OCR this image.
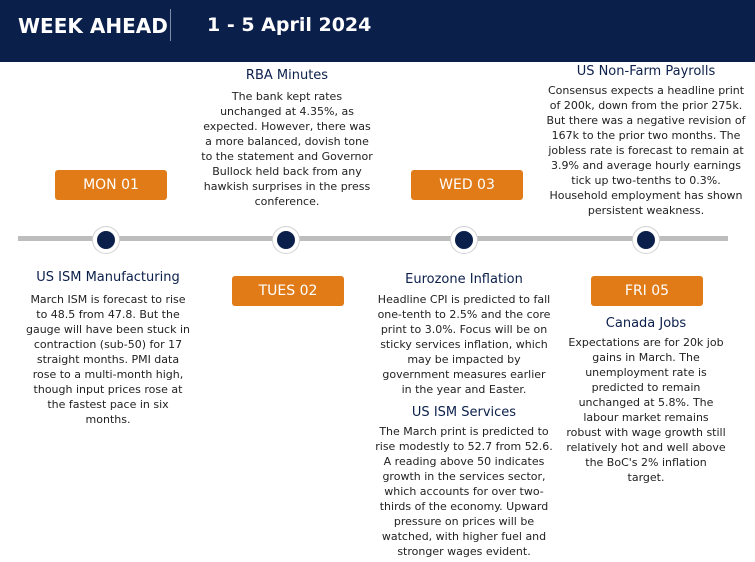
WEEK AHEAD 1 - 5 April 2024
MON 01
TUES 02
WED 03
FRI 05
RBA Minutes
The bank kept rates unchanged at 4.35%, as expected. However, there was a more balanced, dovish tone to the statement and Governor Bullock held back from any hawkish surprises in the press conference.
US Non-Farm Payrolls
Consensus expects a headline print of 200k, down from the prior 275k. But there was a negative revision of 167k to the prior two months. The jobless rate is forecast to remain at 3.9% and average hourly earnings tick up two-tenths to 0.3%. Household employment has shown persistent weakness.
US ISM Manufacturing
March ISM is forecast to rise to 48.5 from 47.8. But the gauge will have been stuck in contraction (sub-50) for 17 straight months. PMI data rose to a multi-month high, though input prices rose at the fastest pace in six months.
Eurozone Inflation
Headline CPI is predicted to fall one-tenth to 2.5% and the core print to 3.0%. Focus will be on sticky services inflation, which may be impacted by government measures earlier in the year and Easter.
US ISM Services
The March print is predicted to rise modestly to 52.7 from 52.6. A reading above 50 indicates growth in the services sector, which accounts for over two-thirds of the economy. Upward pressure on prices will be watched, with higher fuel and stronger wages evident.
Canada Jobs
Expectations are for 20k job gains in March. The unemployment rate is predicted to remain unchanged at 5.8%. The labour market remains robust with wage growth still relatively hot and well above the BoC's 2% inflation target.
